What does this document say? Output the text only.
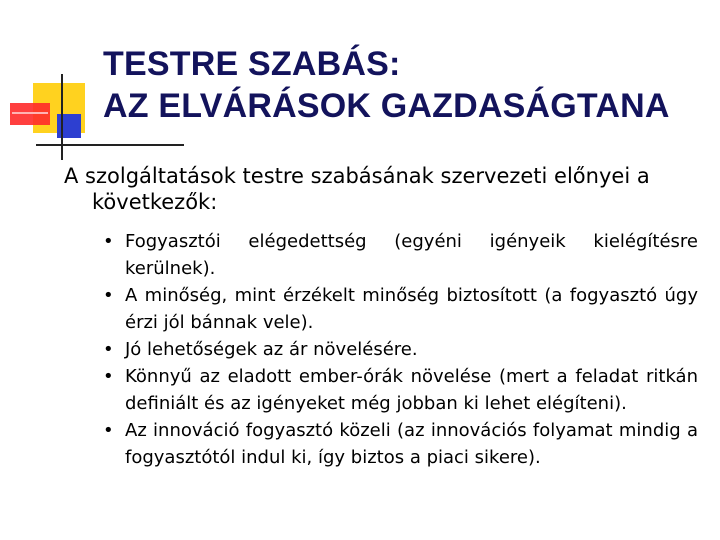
TESTRE SZABÁS:
AZ ELVÁRÁSOK GAZDASÁGTANA

A szolgáltatások testre szabásának szervezeti előnyei a következők:

• Fogyasztói elégedettség (egyéni igényeik kielégítésre kerülnek).
• A minőség, mint érzékelt minőség biztosított (a fogyasztó úgy érzi jól bánnak vele).
• Jó lehetőségek az ár növelésére.
• Könnyű az eladott ember-órák növelése (mert a feladat ritkán definiált és az igényeket még jobban ki lehet elégíteni).
• Az innováció fogyasztó közeli (az innovációs folyamat mindig a fogyasztótól indul ki, így biztos a piaci sikere).
